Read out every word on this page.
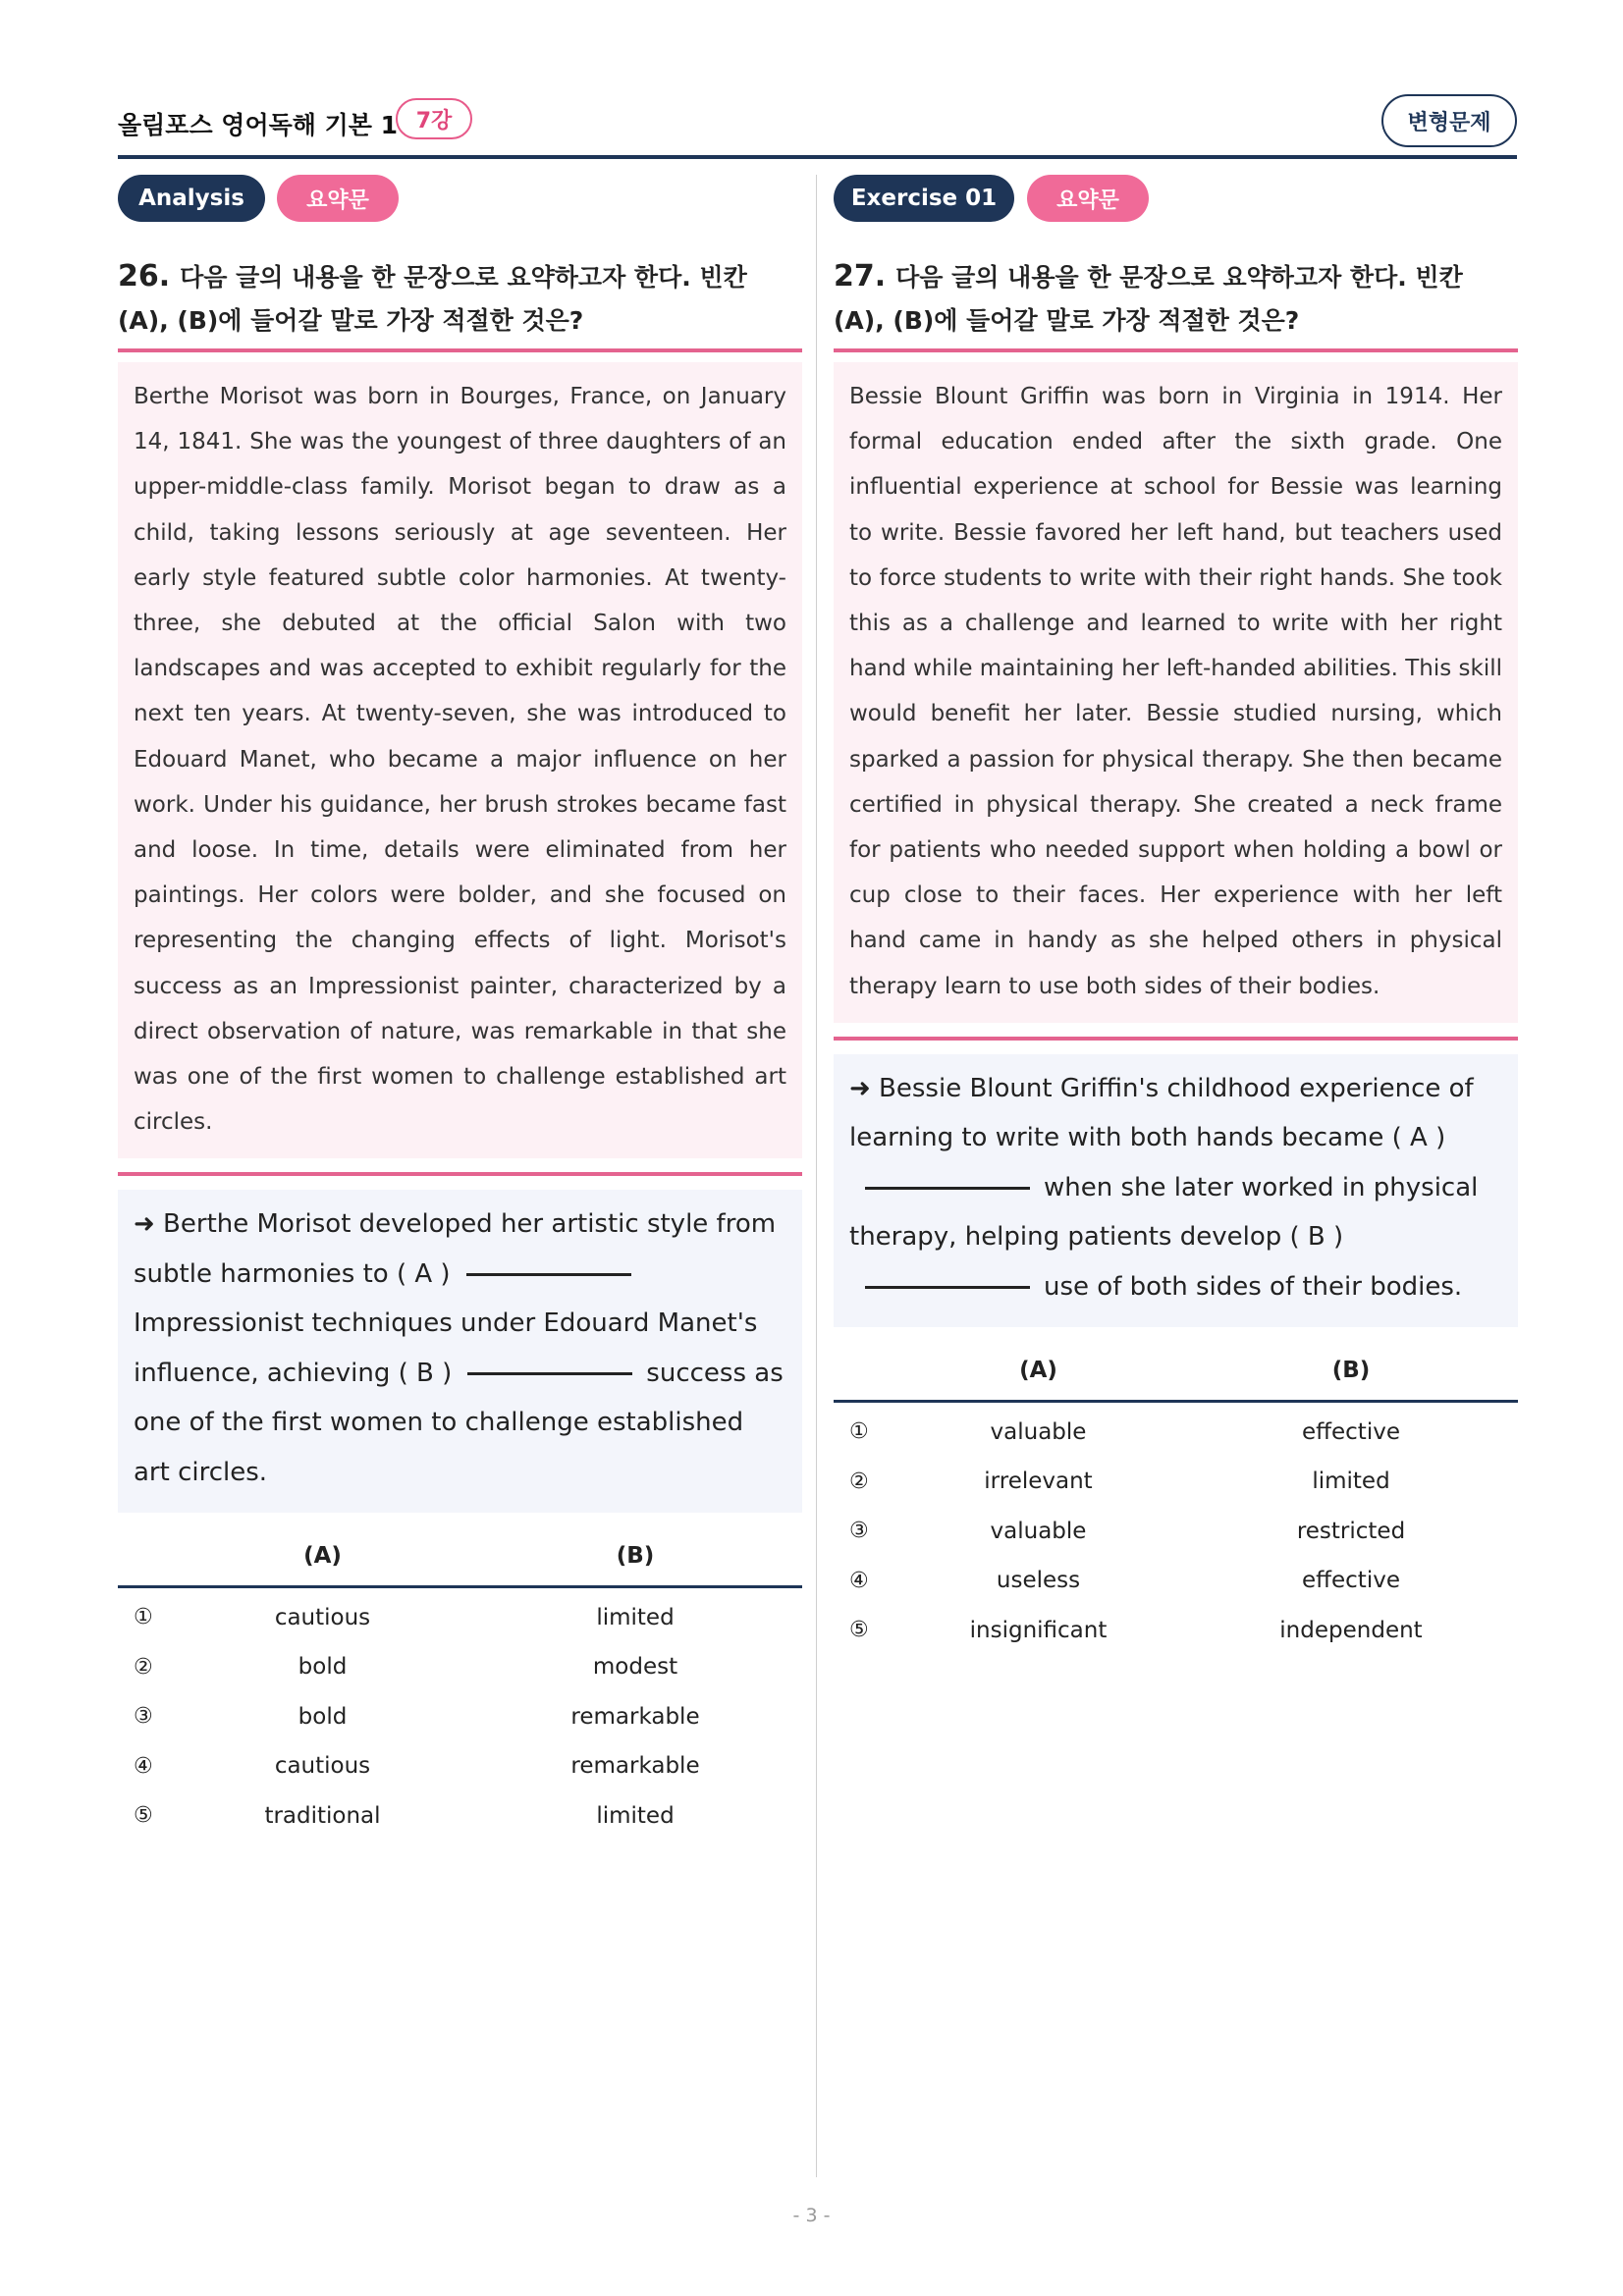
올림포스 영어독해 기본 1 7강	변형문제
Analysis	요약문
26. 다음 글의 내용을 한 문장으로 요약하고자 한다. 빈칸 (A), (B)에 들어갈 말로 가장 적절한 것은?
Berthe Morisot was born in Bourges, France, on January 14, 1841. She was the youngest of three daughters of an upper-middle-class family. Morisot began to draw as a child, taking lessons seriously at age seventeen. Her early style featured subtle color harmonies. At twenty-three, she debuted at the official Salon with two landscapes and was accepted to exhibit regularly for the next ten years. At twenty-seven, she was introduced to Edouard Manet, who became a major influence on her work. Under his guidance, her brush strokes became fast and loose. In time, details were eliminated from her paintings. Her colors were bolder, and she focused on representing the changing effects of light. Morisot's success as an Impressionist painter, characterized by a direct observation of nature, was remarkable in that she was one of the first women to challenge established art circles.
➜ Berthe Morisot developed her artistic style from subtle harmonies to ( A )Impressionist techniques under Edouard Manet's influence, achieving ( B )	success as one of the first women to challenge established art circles.
(A)	(B)
①	cautious	limited
②	bold	modest
③	bold	remarkable
④	cautious	remarkable
⑤	traditional	limited
Exercise 01	요약문
27. 다음 글의 내용을 한 문장으로 요약하고자 한다. 빈칸 (A), (B)에 들어갈 말로 가장 적절한 것은?
Bessie Blount Griffin was born in Virginia in 1914. Her formal education ended after the sixth grade. One influential experience at school for Bessie was learning to write. Bessie favored her left hand, but teachers used to force students to write with their right hands. She took this as a challenge and learned to write with her right hand while maintaining her left-handed abilities. This skill would benefit her later. Bessie studied nursing, which sparked a passion for physical therapy. She then became certified in physical therapy. She created a neck frame for patients who needed support when holding a bowl or cup close to their faces. Her experience with her left hand came in handy as she helped others in physical therapy learn to use both sides of their bodies.
➜ Bessie Blount Griffin's childhood experience of learning to write with both hands became ( A )when she later worked in physical therapy, helping patients develop ( B )use of both sides of their bodies.
(A)	(B)
①	valuable	effective
②	irrelevant	limited
③	valuable	restricted
④	useless	effective
⑤	insignificant	independent
- 3 -
